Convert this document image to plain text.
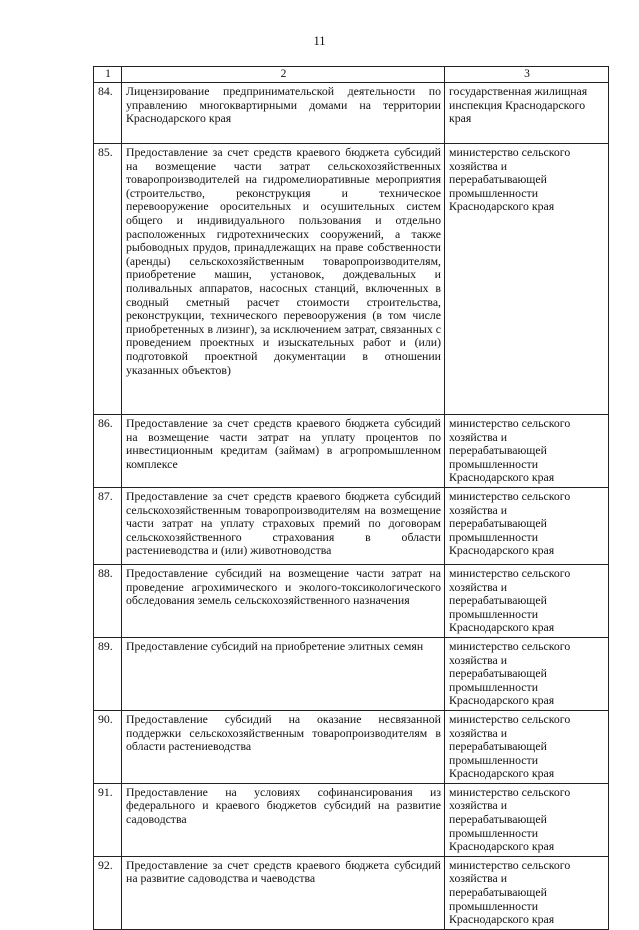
11
1	2	3
84.	Лицензирование предпринимательской деятельности по управлению многоквартирными домами на территории Краснодарского края	государственная жилищная инспекция Краснодарского края
85.	Предоставление за счет средств краевого бюджета субсидий на возмещение части затрат сельскохозяйственных товаропроизводителей на гидромелиоративные мероприятия (строительство, реконструкция и техническое перевооружение оросительных и осушительных систем общего и индивидуального пользования и отдельно расположенных гидротехнических сооружений, а также рыбоводных прудов, принадлежащих на праве собственности (аренды) сельскохозяйственным товаропроизводителям, приобретение машин, установок, дождевальных и поливальных аппаратов, насосных станций, включенных в сводный сметный расчет стоимости строительства, реконструкции, технического перевооружения (в том числе приобретенных в лизинг), за исключением затрат, связанных с проведением проектных и изыскательных работ и (или) подготовкой проектной документации в отношении указанных объектов)	министерство сельского хозяйства и перерабатывающей промышленности Краснодарского края
86.	Предоставление за счет средств краевого бюджета субсидий на возмещение части затрат на уплату процентов по инвестиционным кредитам (займам) в агропромышленном комплексе	министерство сельского хозяйства и перерабатывающей промышленности Краснодарского края
87.	Предоставление за счет средств краевого бюджета субсидий сельскохозяйственным товаропроизводителям на возмещение части затрат на уплату страховых премий по договорам сельскохозяйственного страхования в области растениеводства и (или) животноводства	министерство сельского хозяйства и перерабатывающей промышленности Краснодарского края
88.	Предоставление субсидий на возмещение части затрат на проведение агрохимического и эколого-токсикологического обследования земель сельскохозяйственного назначения	министерство сельского хозяйства и перерабатывающей промышленности Краснодарского края
89.	Предоставление субсидий на приобретение элитных семян	министерство сельского хозяйства и перерабатывающей промышленности Краснодарского края
90.	Предоставление субсидий на оказание несвязанной поддержки сельскохозяйственным товаропроизводителям в области растениеводства	министерство сельского хозяйства и перерабатывающей промышленности Краснодарского края
91.	Предоставление на условиях софинансирования из федерального и краевого бюджетов субсидий на развитие садоводства	министерство сельского хозяйства и перерабатывающей промышленности Краснодарского края
92.	Предоставление за счет средств краевого бюджета субсидий на развитие садоводства и чаеводства	министерство сельского хозяйства и перерабатывающей промышленности Краснодарского края
